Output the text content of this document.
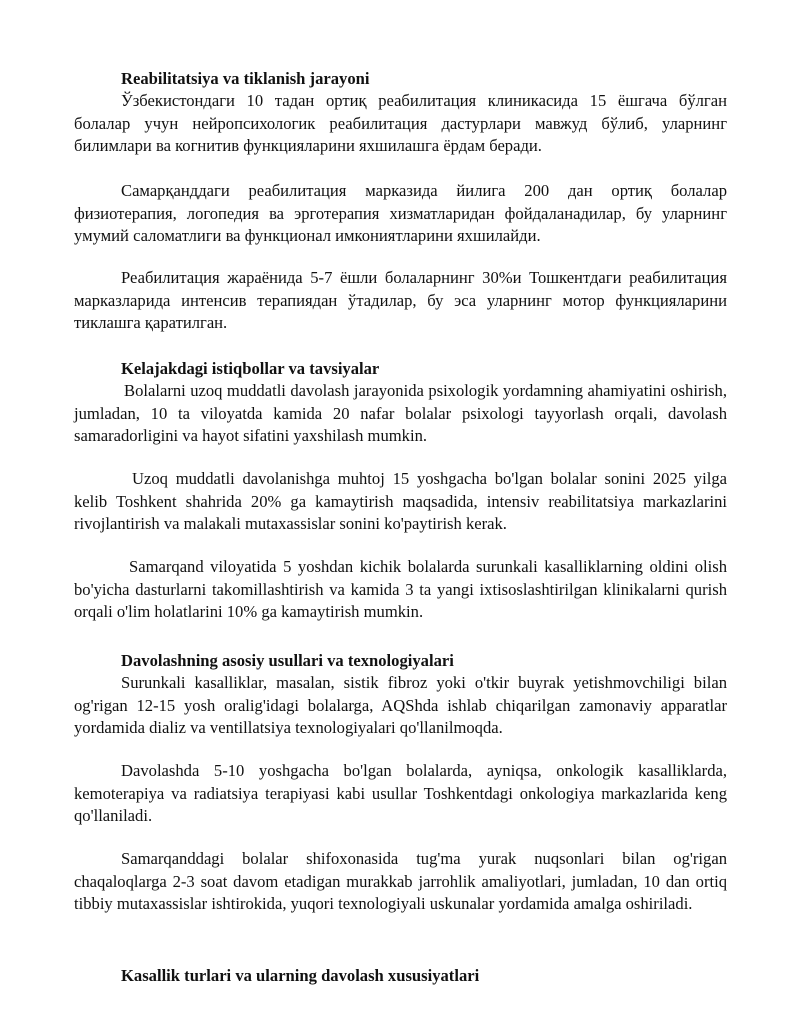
Reabilitatsiya va tiklanish jarayoni

Ўзбекистондаги 10 тадан ортиқ реабилитация клиникасида 15 ёшгача бўлган болалар учун нейропсихологик реабилитация дастурлари мавжуд бўлиб, уларнинг билимлари ва когнитив функцияларини яхшилашга ёрдам беради.

Самарқанддаги реабилитация марказида йилига 200 дан ортиқ болалар физиотерапия, логопедия ва эрготерапия хизматларидан фойдаланадилар, бу уларнинг умумий саломатлиги ва функционал имкониятларини яхшилайди.

Реабилитация жараёнида 5-7 ёшли болаларнинг 30%и Тошкентдаги реабилитация марказларида интенсив терапиядан ўтадилар, бу эса уларнинг мотор функцияларини тиклашга қаратилган.

Kelajakdagi istiqbollar va tavsiyalar

Bolalarni uzoq muddatli davolash jarayonida psixologik yordamning ahamiyatini oshirish, jumladan, 10 ta viloyatda kamida 20 nafar bolalar psixologi tayyorlash orqali, davolash samaradorligini va hayot sifatini yaxshilash mumkin.

Uzoq muddatli davolanishga muhtoj 15 yoshgacha bo'lgan bolalar sonini 2025 yilga kelib Toshkent shahrida 20% ga kamaytirish maqsadida, intensiv reabilitatsiya markazlarini rivojlantirish va malakali mutaxassislar sonini ko'paytirish kerak.

Samarqand viloyatida 5 yoshdan kichik bolalarda surunkali kasalliklarning oldini olish bo'yicha dasturlarni takomillashtirish va kamida 3 ta yangi ixtisoslashtirilgan klinikalarni qurish orqali o'lim holatlarini 10% ga kamaytirish mumkin.

Davolashning asosiy usullari va texnologiyalari

Surunkali kasalliklar, masalan, sistik fibroz yoki o'tkir buyrak yetishmovchiligi bilan og'rigan 12-15 yosh oralig'idagi bolalarga, AQShda ishlab chiqarilgan zamonaviy apparatlar yordamida dializ va ventillatsiya texnologiyalari qo'llanilmoqda.

Davolashda 5-10 yoshgacha bo'lgan bolalarda, ayniqsa, onkologik kasalliklarda, kemoterapiya va radiatsiya terapiyasi kabi usullar Toshkentdagi onkologiya markazlarida keng qo'llaniladi.

Samarqanddagi bolalar shifoxonasida tug'ma yurak nuqsonlari bilan og'rigan chaqaloqlarga 2-3 soat davom etadigan murakkab jarrohlik amaliyotlari, jumladan, 10 dan ortiq tibbiy mutaxassislar ishtirokida, yuqori texnologiyali uskunalar yordamida amalga oshiriladi.

Kasallik turlari va ularning davolash xususiyatlari
